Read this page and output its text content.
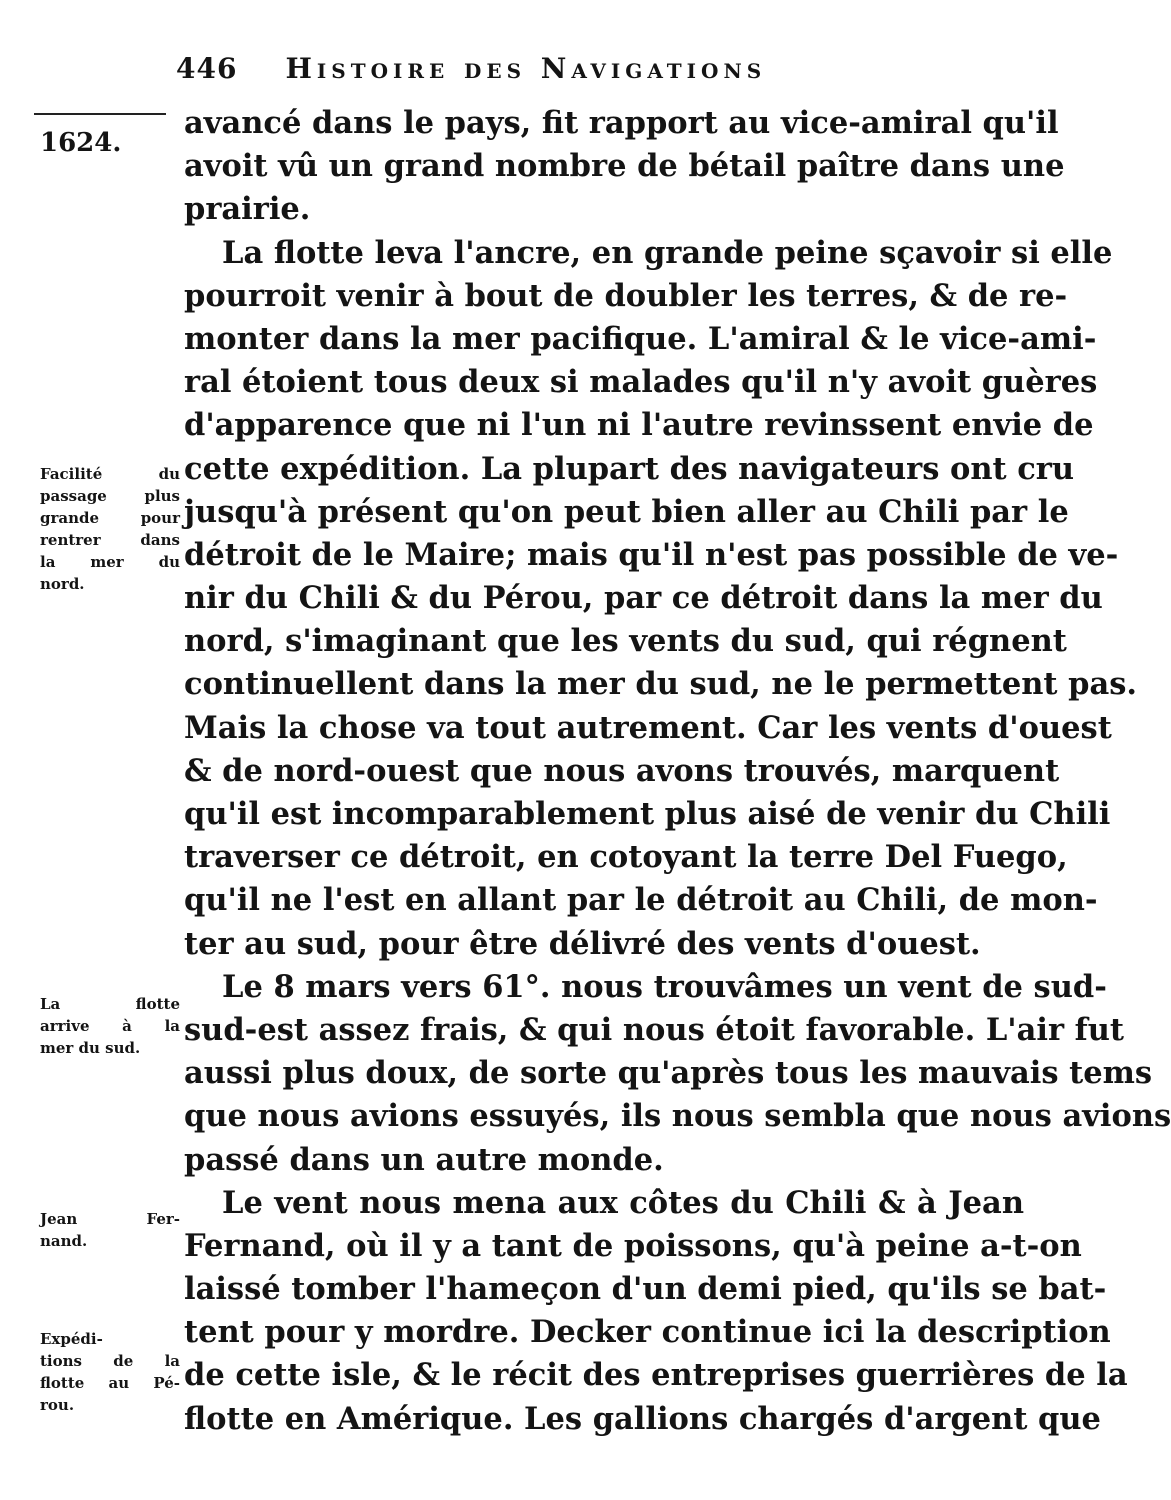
446 Histoire des Navigations
1624.
Facilité du
passage plus
grande pour
rentrer dans
la mer du
nord.
La flotte
arrive à la
mer du sud.
Jean Fer-
nand.
Expédi-
tions de la
flotte au Pé-
rou.
avancé dans le pays, fit rapport au vice-amiral qu'il
avoit vû un grand nombre de bétail paître dans une
prairie.
La flotte leva l'ancre, en grande peine sçavoir si elle
pourroit venir à bout de doubler les terres, & de re-
monter dans la mer pacifique. L'amiral & le vice-ami-
ral étoient tous deux si malades qu'il n'y avoit guères
d'apparence que ni l'un ni l'autre revinssent envie de
cette expédition. La plupart des navigateurs ont cru
jusqu'à présent qu'on peut bien aller au Chili par le
détroit de le Maire; mais qu'il n'est pas possible de ve-
nir du Chili & du Pérou, par ce détroit dans la mer du
nord, s'imaginant que les vents du sud, qui régnent
continuellent dans la mer du sud, ne le permettent pas.
Mais la chose va tout autrement. Car les vents d'ouest
& de nord-ouest que nous avons trouvés, marquent
qu'il est incomparablement plus aisé de venir du Chili
traverser ce détroit, en cotoyant la terre Del Fuego,
qu'il ne l'est en allant par le détroit au Chili, de mon-
ter au sud, pour être délivré des vents d'ouest.
Le 8 mars vers 61°. nous trouvâmes un vent de sud-
sud-est assez frais, & qui nous étoit favorable. L'air fut
aussi plus doux, de sorte qu'après tous les mauvais tems
que nous avions essuyés, ils nous sembla que nous avions
passé dans un autre monde.
Le vent nous mena aux côtes du Chili & à Jean
Fernand, où il y a tant de poissons, qu'à peine a-t-on
laissé tomber l'hameçon d'un demi pied, qu'ils se bat-
tent pour y mordre. Decker continue ici la description
de cette isle, & le récit des entreprises guerrières de la
flotte en Amérique. Les gallions chargés d'argent que
